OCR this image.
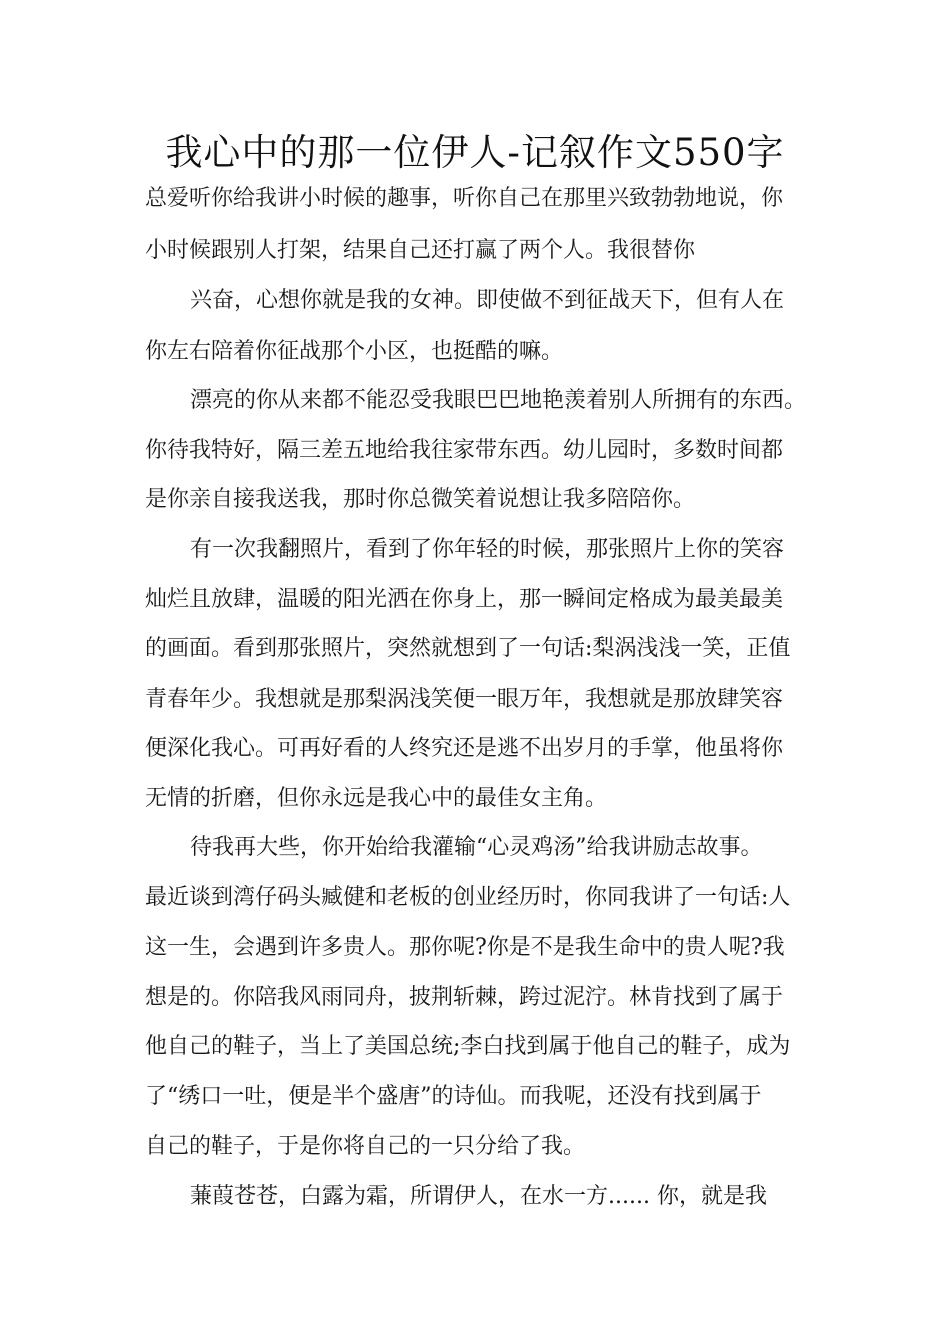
我心中的那一位伊人-记叙作文550字
总爱听你给我讲小时候的趣事，听你自己在那里兴致勃勃地说，你
小时候跟别人打架，结果自己还打赢了两个人。我很替你
兴奋，心想你就是我的女神。即使做不到征战天下，但有人在
你左右陪着你征战那个小区，也挺酷的嘛。
漂亮的你从来都不能忍受我眼巴巴地艳羡着别人所拥有的东西。
你待我特好，隔三差五地给我往家带东西。幼儿园时，多数时间都
是你亲自接我送我，那时你总微笑着说想让我多陪陪你。
有一次我翻照片，看到了你年轻的时候，那张照片上你的笑容
灿烂且放肆，温暖的阳光洒在你身上，那一瞬间定格成为最美最美
的画面。看到那张照片，突然就想到了一句话:梨涡浅浅一笑，正值
青春年少。我想就是那梨涡浅笑便一眼万年，我想就是那放肆笑容
便深化我心。可再好看的人终究还是逃不出岁月的手掌，他虽将你
无情的折磨，但你永远是我心中的最佳女主角。
待我再大些，你开始给我灌输“心灵鸡汤”给我讲励志故事。
最近谈到湾仔码头臧健和老板的创业经历时，你同我讲了一句话:人
这一生，会遇到许多贵人。那你呢?你是不是我生命中的贵人呢?我
想是的。你陪我风雨同舟，披荆斩棘，跨过泥泞。林肯找到了属于
他自己的鞋子，当上了美国总统;李白找到属于他自己的鞋子，成为
了“绣口一吐，便是半个盛唐”的诗仙。而我呢，还没有找到属于
自己的鞋子，于是你将自己的一只分给了我。
蒹葭苍苍，白露为霜，所谓伊人，在水一方...... 你，就是我
